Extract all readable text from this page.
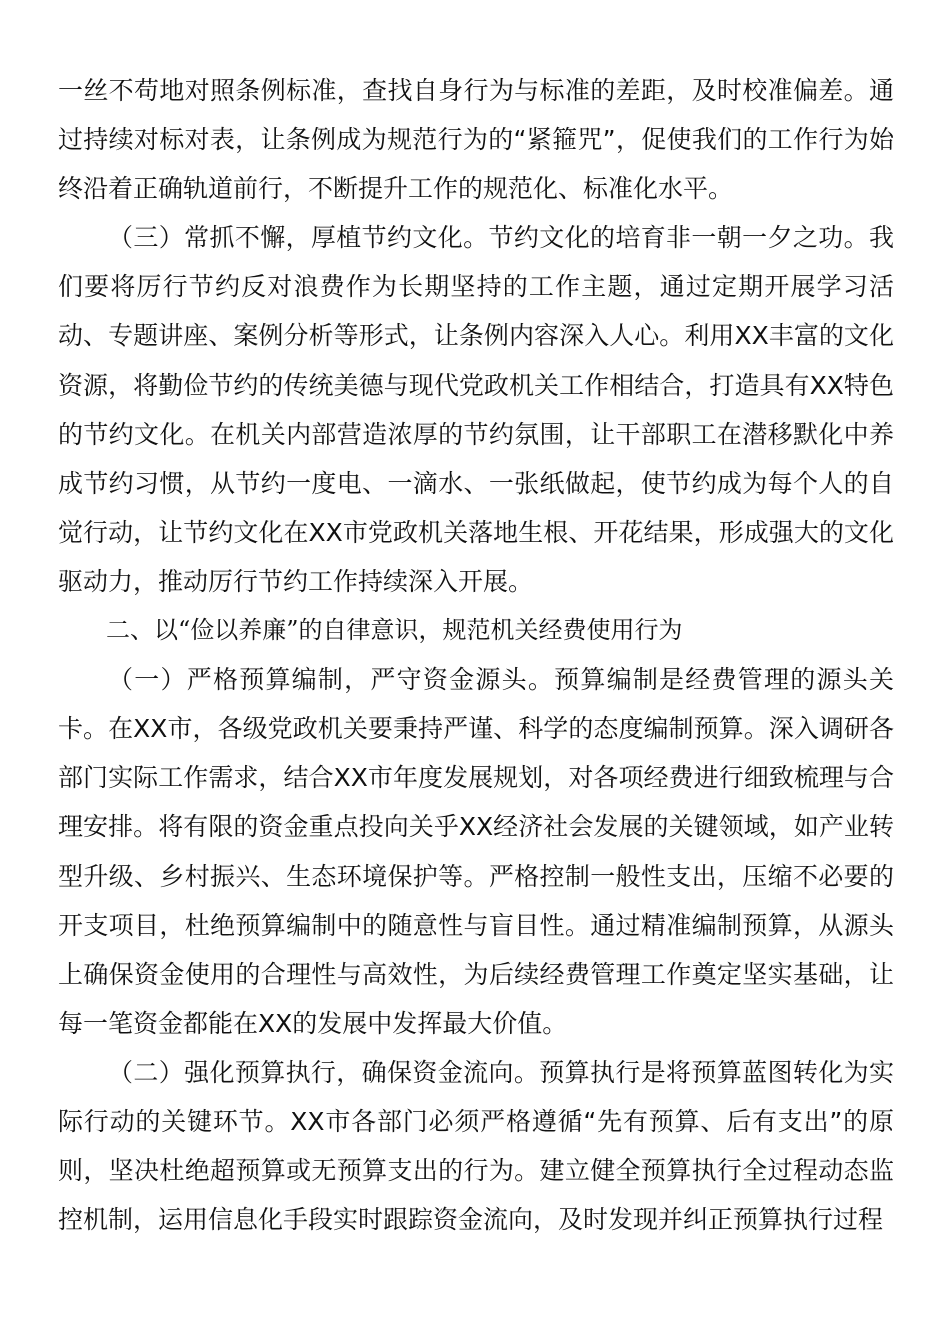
一丝不苟地对照条例标准，查找自身行为与标准的差距，及时校准偏差。通过持续对标对表，让条例成为规范行为的“紧箍咒”，促使我们的工作行为始终沿着正确轨道前行，不断提升工作的规范化、标准化水平。

（三）常抓不懈，厚植节约文化。节约文化的培育非一朝一夕之功。我们要将厉行节约反对浪费作为长期坚持的工作主题，通过定期开展学习活动、专题讲座、案例分析等形式，让条例内容深入人心。利用XX丰富的文化资源，将勤俭节约的传统美德与现代党政机关工作相结合，打造具有XX特色的节约文化。在机关内部营造浓厚的节约氛围，让干部职工在潜移默化中养成节约习惯，从节约一度电、一滴水、一张纸做起，使节约成为每个人的自觉行动，让节约文化在XX市党政机关落地生根、开花结果，形成强大的文化驱动力，推动厉行节约工作持续深入开展。

二、以“俭以养廉”的自律意识，规范机关经费使用行为

（一）严格预算编制，严守资金源头。预算编制是经费管理的源头关卡。在XX市，各级党政机关要秉持严谨、科学的态度编制预算。深入调研各部门实际工作需求，结合XX市年度发展规划，对各项经费进行细致梳理与合理安排。将有限的资金重点投向关乎XX经济社会发展的关键领域，如产业转型升级、乡村振兴、生态环境保护等。严格控制一般性支出，压缩不必要的开支项目，杜绝预算编制中的随意性与盲目性。通过精准编制预算，从源头上确保资金使用的合理性与高效性，为后续经费管理工作奠定坚实基础，让每一笔资金都能在XX的发展中发挥最大价值。

（二）强化预算执行，确保资金流向。预算执行是将预算蓝图转化为实际行动的关键环节。XX市各部门必须严格遵循“先有预算、后有支出”的原则，坚决杜绝超预算或无预算支出的行为。建立健全预算执行全过程动态监控机制，运用信息化手段实时跟踪资金流向，及时发现并纠正预算执行过程
